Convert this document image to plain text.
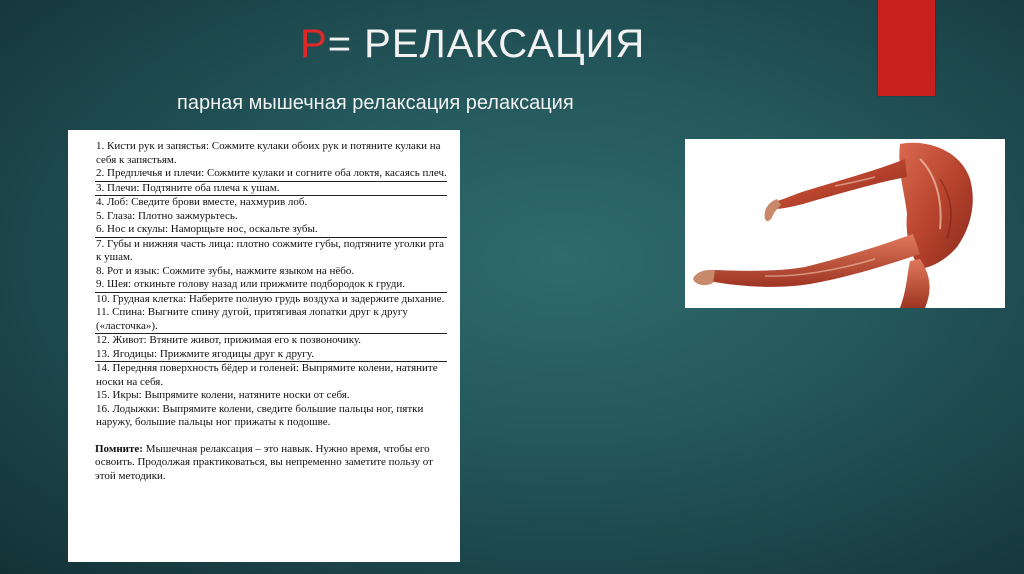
P= РЕЛАКСАЦИЯ
парная мышечная релаксация релаксация

1. Кисти рук и запястья: Сожмите кулаки обоих рук и потяните кулаки на себя к запястьям.

2. Предплечья и плечи: Сожмите кулаки и согните оба локтя, касаясь плеч.

3. Плечи: Подтяните оба плеча к ушам.

4. Лоб: Сведите брови вместе, нахмурив лоб.

5. Глаза: Плотно зажмурьтесь.

6. Нос и скулы: Наморщьте нос, оскальте зубы.

7. Губы и нижняя часть лица: плотно сожмите губы, подтяните уголки рта к ушам.

8. Рот и язык: Сожмите зубы, нажмите языком на нёбо.

9. Шея: откиньте голову назад или прижмите подбородок к груди.

10. Грудная клетка: Наберите полную грудь воздуха и задержите дыхание.

11. Спина: Выгните спину дугой, притягивая лопатки друг к другу («ласточка»).

12. Живот: Втяните живот, прижимая его к позвоночику.

13. Ягодицы: Прижмите ягодицы друг к другу.

14. Передняя поверхность бёдер и голеней: Выпрямите колени, натяните носки на себя.

15. Икры: Выпрямите колени, натяните носки от себя.

16. Лодыжки: Выпрямите колени, сведите большие пальцы ног, пятки наружу, большие пальцы ног прижаты к подошве.

Помните: Мышечная релаксация – это навык. Нужно время, чтобы его освоить. Продолжая практиковаться, вы непременно заметите пользу от этой методики.
